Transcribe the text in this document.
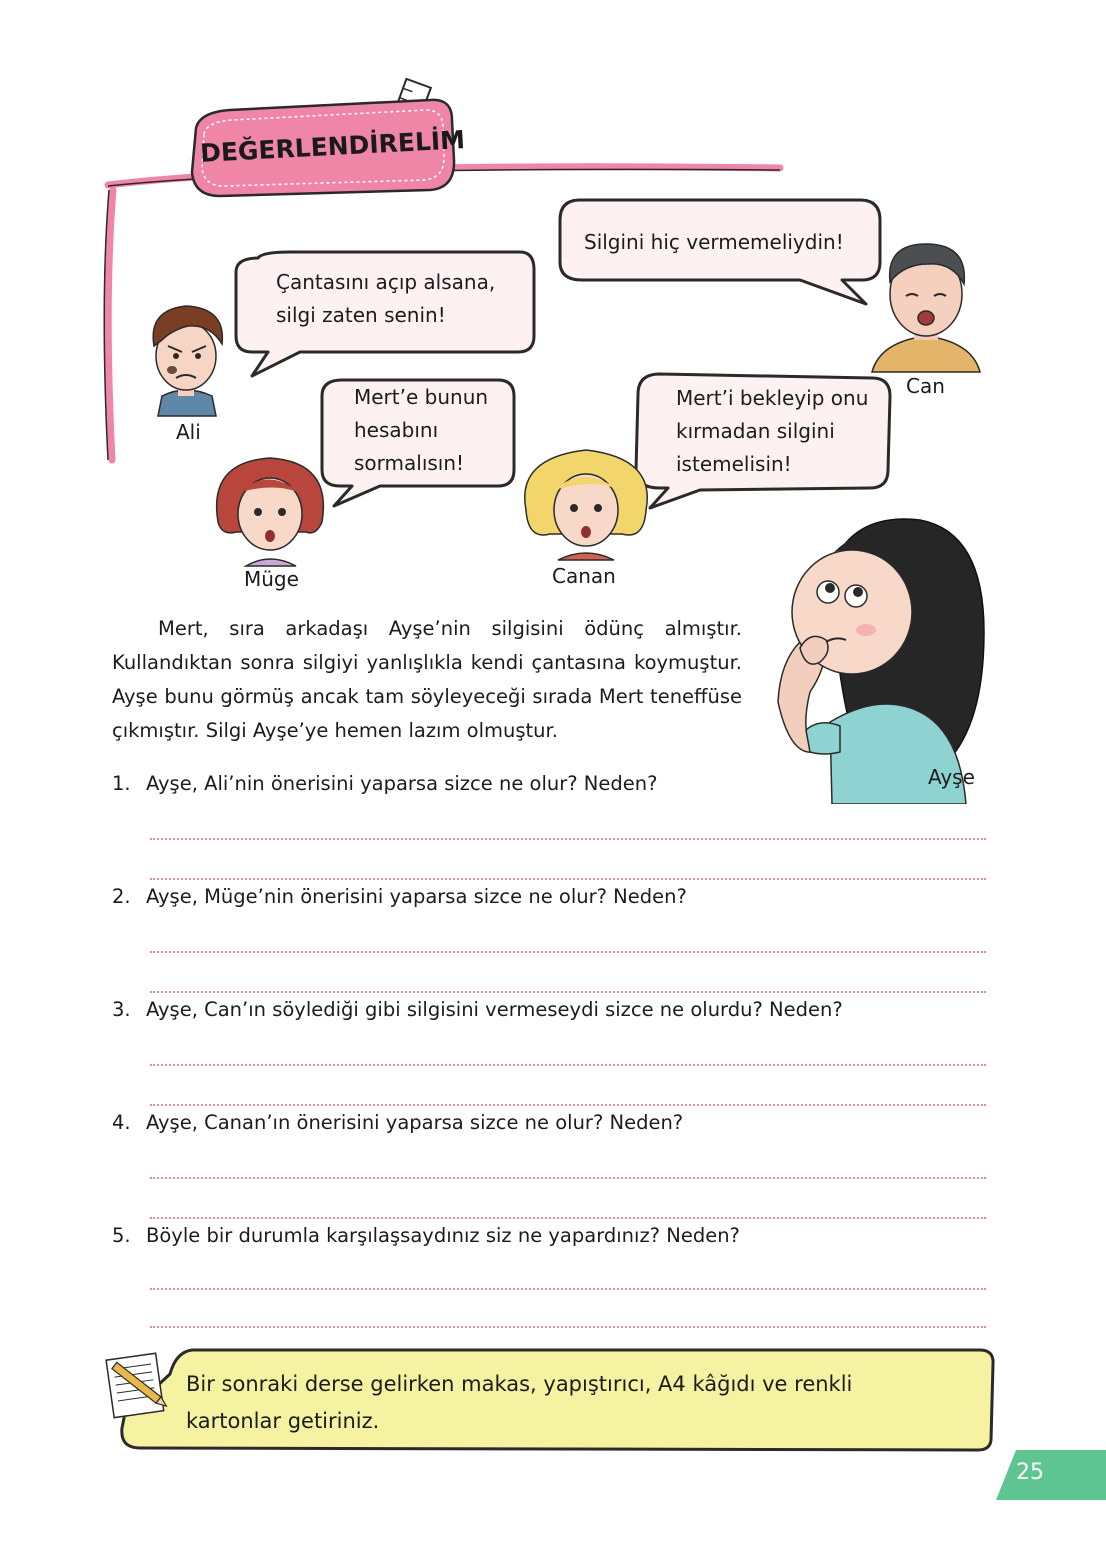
DEĞERLENDİRELİM
Çantasını açıp alsana,
silgi zaten senin!
Silgini hiç vermemeliydin!
Mert’e bunun
hesabını
sormalısın!
Mert’i bekleyip onu
kırmadan silgini
istemelisin!
Ali
Can
Müge	Canan
Ayşe
Mert, sıra arkadaşı Ayşe’nin silgisini ödünç almıştır. Kullandıktan sonra silgiyi yanlışlıkla kendi çantasına koymuştur. Ayşe bunu görmüş ancak tam söyleyeceği sırada Mert teneffüse çıkmıştır. Silgi Ayşe’ye hemen lazım olmuştur.
1. Ayşe, Ali’nin önerisini yaparsa sizce ne olur? Neden?
2. Ayşe, Müge’nin önerisini yaparsa sizce ne olur? Neden?
3. Ayşe, Can’ın söylediği gibi silgisini vermeseydi sizce ne olurdu? Neden?
4. Ayşe, Canan’ın önerisini yaparsa sizce ne olur? Neden?
5. Böyle bir durumla karşılaşsaydınız siz ne yapardınız? Neden?
Bir sonraki derse gelirken makas, yapıştırıcı, A4 kâğıdı ve renkli kartonlar getiriniz.
25
